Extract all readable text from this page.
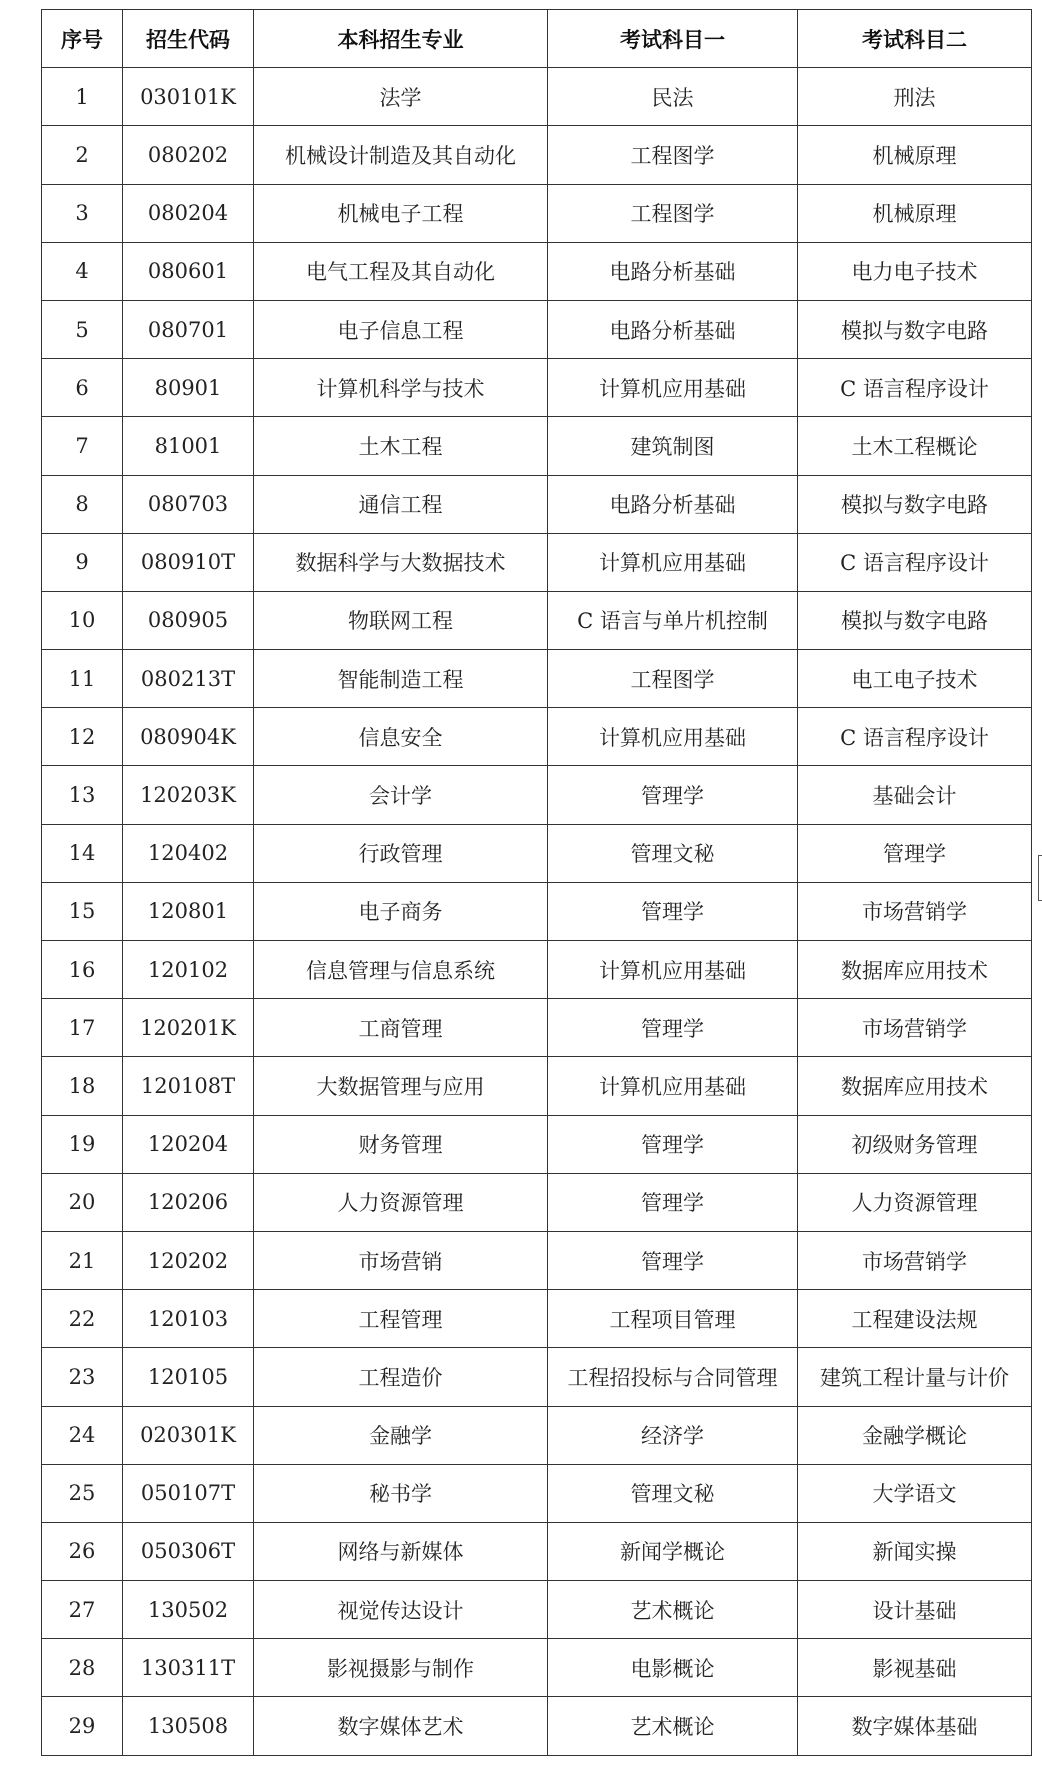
序号	招生代码	本科招生专业	考试科目一	考试科目二
1	030101K	法学	民法	刑法
2	080202	机械设计制造及其自动化	工程图学	机械原理
3	080204	机械电子工程	工程图学	机械原理
4	080601	电气工程及其自动化	电路分析基础	电力电子技术
5	080701	电子信息工程	电路分析基础	模拟与数字电路
6	80901	计算机科学与技术	计算机应用基础	C 语言程序设计
7	81001	土木工程	建筑制图	土木工程概论
8	080703	通信工程	电路分析基础	模拟与数字电路
9	080910T	数据科学与大数据技术	计算机应用基础	C 语言程序设计
10	080905	物联网工程	C 语言与单片机控制	模拟与数字电路
11	080213T	智能制造工程	工程图学	电工电子技术
12	080904K	信息安全	计算机应用基础	C 语言程序设计
13	120203K	会计学	管理学	基础会计
14	120402	行政管理	管理文秘	管理学
15	120801	电子商务	管理学	市场营销学
16	120102	信息管理与信息系统	计算机应用基础	数据库应用技术
17	120201K	工商管理	管理学	市场营销学
18	120108T	大数据管理与应用	计算机应用基础	数据库应用技术
19	120204	财务管理	管理学	初级财务管理
20	120206	人力资源管理	管理学	人力资源管理
21	120202	市场营销	管理学	市场营销学
22	120103	工程管理	工程项目管理	工程建设法规
23	120105	工程造价	工程招投标与合同管理	建筑工程计量与计价
24	020301K	金融学	经济学	金融学概论
25	050107T	秘书学	管理文秘	大学语文
26	050306T	网络与新媒体	新闻学概论	新闻实操
27	130502	视觉传达设计	艺术概论	设计基础
28	130311T	影视摄影与制作	电影概论	影视基础
29	130508	数字媒体艺术	艺术概论	数字媒体基础
